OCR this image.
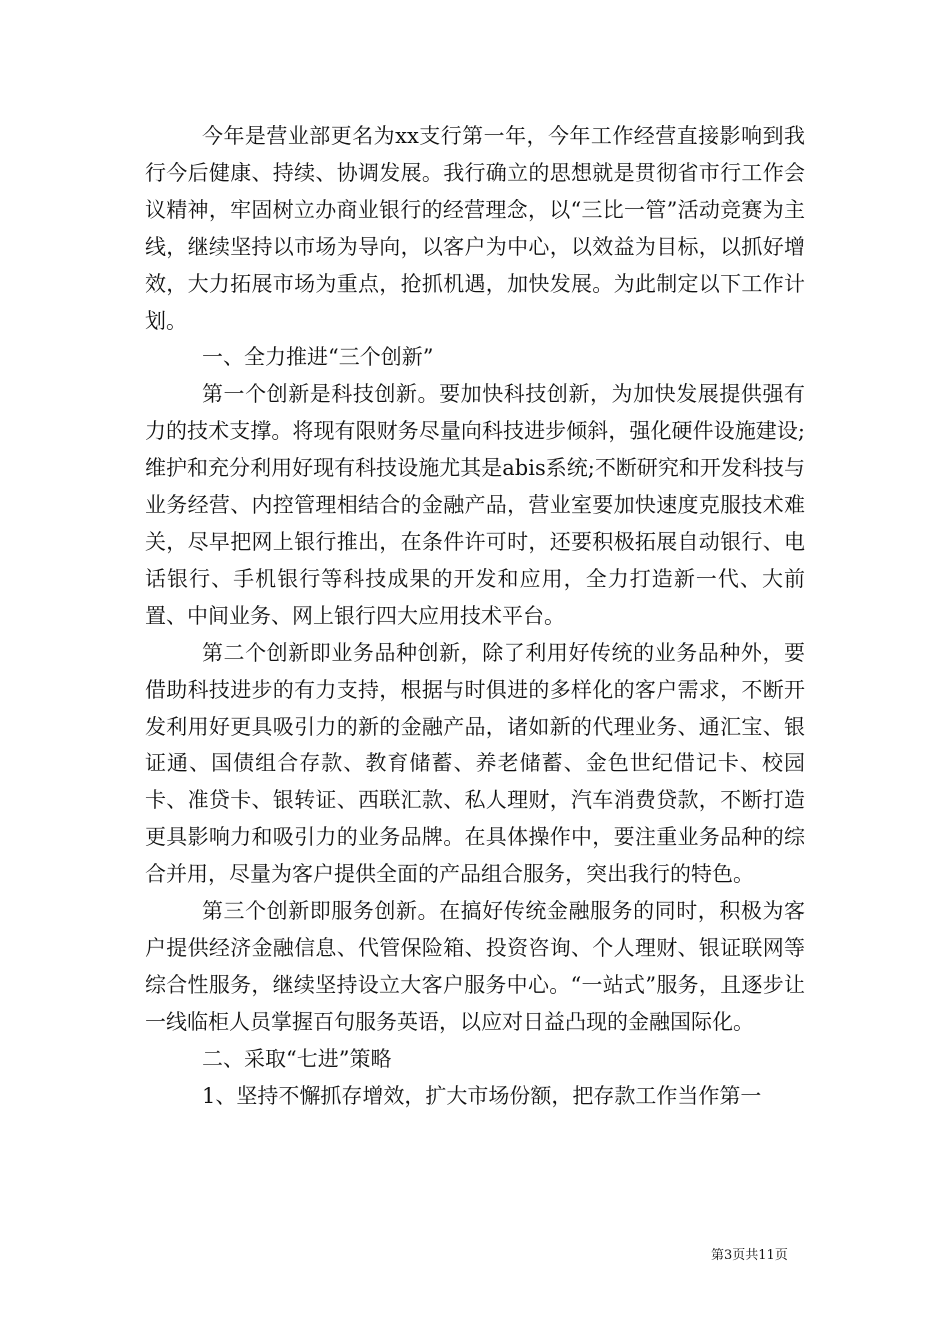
今年是营业部更名为xx支行第一年，今年工作经营直接影响到我行今后健康、持续、协调发展。我行确立的思想就是贯彻省市行工作会议精神，牢固树立办商业银行的经营理念，以“三比一管”活动竞赛为主线，继续坚持以市场为导向，以客户为中心，以效益为目标，以抓好增效，大力拓展市场为重点，抢抓机遇，加快发展。为此制定以下工作计划。

一、全力推进“三个创新”

第一个创新是科技创新。要加快科技创新，为加快发展提供强有力的技术支撑。将现有限财务尽量向科技进步倾斜，强化硬件设施建设;维护和充分利用好现有科技设施尤其是abis系统;不断研究和开发科技与业务经营、内控管理相结合的金融产品，营业室要加快速度克服技术难关，尽早把网上银行推出，在条件许可时，还要积极拓展自动银行、电话银行、手机银行等科技成果的开发和应用，全力打造新一代、大前置、中间业务、网上银行四大应用技术平台。

第二个创新即业务品种创新，除了利用好传统的业务品种外，要借助科技进步的有力支持，根据与时俱进的多样化的客户需求，不断开发利用好更具吸引力的新的金融产品，诸如新的代理业务、通汇宝、银证通、国债组合存款、教育储蓄、养老储蓄、金色世纪借记卡、校园卡、准贷卡、银转证、西联汇款、私人理财，汽车消费贷款，不断打造更具影响力和吸引力的业务品牌。在具体操作中，要注重业务品种的综合并用，尽量为客户提供全面的产品组合服务，突出我行的特色。

第三个创新即服务创新。在搞好传统金融服务的同时，积极为客户提供经济金融信息、代管保险箱、投资咨询、个人理财、银证联网等综合性服务，继续坚持设立大客户服务中心。“一站式”服务，且逐步让一线临柜人员掌握百句服务英语，以应对日益凸现的金融国际化。

二、采取“七进”策略

1、坚持不懈抓存增效，扩大市场份额，把存款工作当作第一

第3页共11页
